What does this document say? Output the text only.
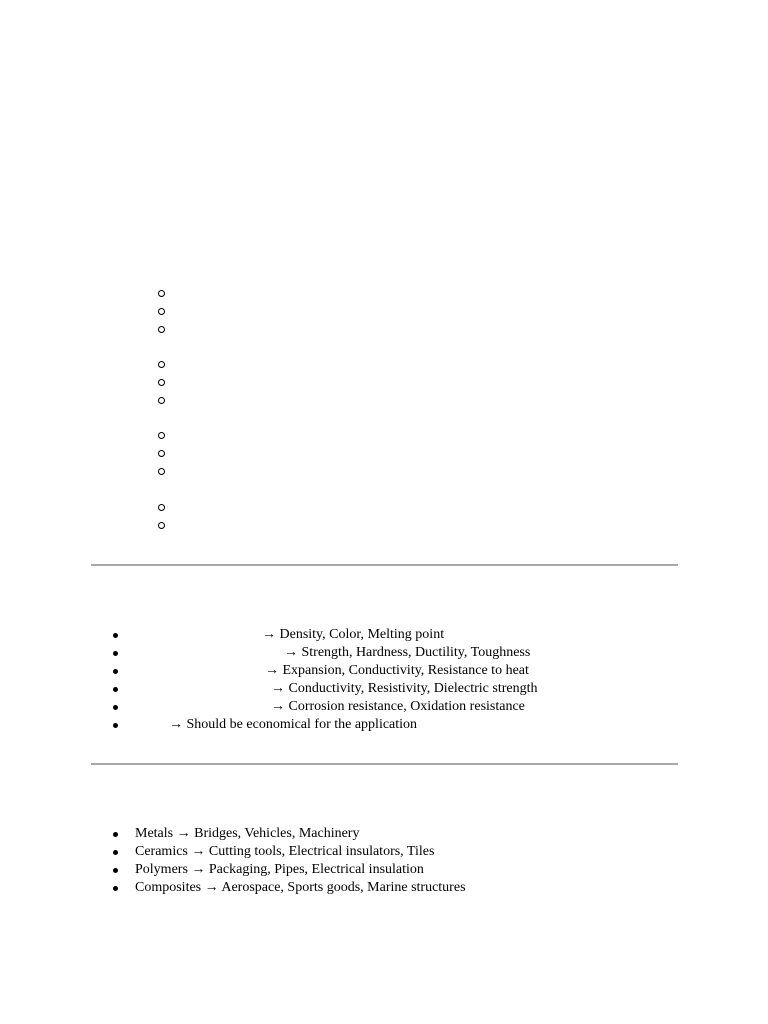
→ Density, Color, Melting point
→ Strength, Hardness, Ductility, Toughness
→ Expansion, Conductivity, Resistance to heat
→ Conductivity, Resistivity, Dielectric strength
→ Corrosion resistance, Oxidation resistance
→ Should be economical for the application
Metals → Bridges, Vehicles, Machinery
Ceramics → Cutting tools, Electrical insulators, Tiles
Polymers → Packaging, Pipes, Electrical insulation
Composites → Aerospace, Sports goods, Marine structures
